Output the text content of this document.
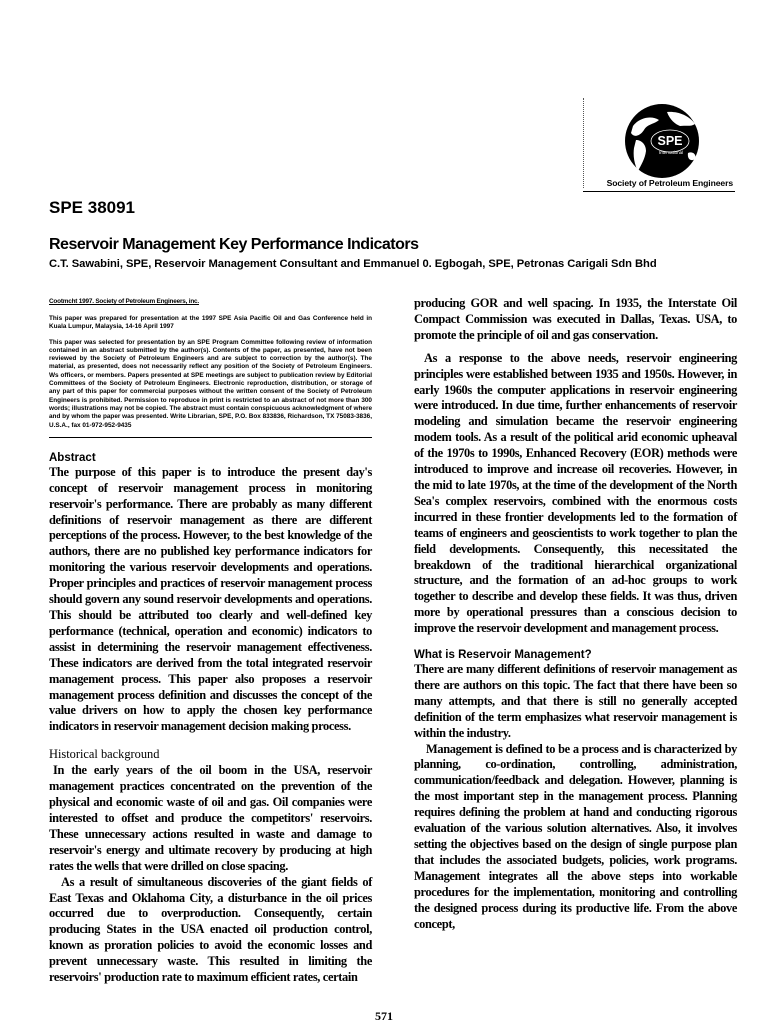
SPE
International
Society of Petroleum Engineers
SPE 38091
Reservoir Management Key Performance Indicators

C.T. Sawabini, SPE, Reservoir Management Consultant and Emmanuel 0. Egbogah, SPE, Petronas Carigali Sdn Bhd

Cootmcht 1997. Society of Petroleum Engineers, inc.

This paper was prepared for presentation at the 1997 SPE Asia Pacific Oil and Gas Conference held in Kuala Lumpur, Malaysia, 14-16 April 1997

This paper was selected for presentation by an SPE Program Committee following review of information contained in an abstract submitted by the author(s). Contents of the paper, as presented, have not been reviewed by the Society of Petroleum Engineers and are subject to correction by the author(s). The material, as presented, does not necessarily reflect any position of the Society of Petroleum Engineers. Ws officers, or members. Papers presented at SPE meetings are subject to publication review by Editorial Committees of the Society of Petroleum Engineers. Electronic reproduction, distribution, or storage of any part of this paper for commercial purposes without the written consent of the Society of Petroleum Engineers is prohibited. Permission to reproduce in print is restricted to an abstract of not more than 300 words; illustrations may not be copied. The abstract must contain conspicuous acknowledgment of where and by whom the paper was presented. Write Librarian, SPE, P.O. Box 833836, Richardson, TX 75083-3836, U.S.A., fax 01-972-952-9435

Abstract

The purpose of this paper is to introduce the present day's concept of reservoir management process in monitoring reservoir's performance. There are probably as many different definitions of reservoir management as there are different perceptions of the process. However, to the best knowledge of the authors, there are no published key performance indicators for monitoring the various reservoir developments and operations. Proper principles and practices of reservoir management process should govern any sound reservoir developments and operations. This should be attributed too clearly and well-defined key performance (technical, operation and economic) indicators to assist in determining the reservoir management effectiveness. These indicators are derived from the total integrated reservoir management process. This paper also proposes a reservoir management process definition and discusses the concept of the value drivers on how to apply the chosen key performance indicators in reservoir management decision making process.

Historical background

In the early years of the oil boom in the USA, reservoir management practices concentrated on the prevention of the physical and economic waste of oil and gas. Oil companies were interested to offset and produce the competitors' reservoirs. These unnecessary actions resulted in waste and damage to reservoir's energy and ultimate recovery by producing at high rates the wells that were drilled on close spacing.

As a result of simultaneous discoveries of the giant fields of East Texas and Oklahoma City, a disturbance in the oil prices occurred due to overproduction. Consequently, certain producing States in the USA enacted oil production control, known as proration policies to avoid the economic losses and prevent unnecessary waste. This resulted in limiting the reservoirs' production rate to maximum efficient rates, certain

producing GOR and well spacing. In 1935, the Interstate Oil Compact Commission was executed in Dallas, Texas. USA, to promote the principle of oil and gas conservation.

As a response to the above needs, reservoir engineering principles were established between 1935 and 1950s. However, in early 1960s the computer applications in reservoir engineering were introduced. In due time, further enhancements of reservoir modeling and simulation became the reservoir engineering modem tools. As a result of the political arid economic upheaval of the 1970s to 1990s, Enhanced Recovery (EOR) methods were introduced to improve and increase oil recoveries. However, in the mid to late 1970s, at the time of the development of the North Sea's complex reservoirs, combined with the enormous costs incurred in these frontier developments led to the formation of teams of engineers and geoscientists to work together to plan the field developments. Consequently, this necessitated the breakdown of the traditional hierarchical organizational structure, and the formation of an ad-hoc groups to work together to describe and develop these fields. It was thus, driven more by operational pressures than a conscious decision to improve the reservoir development and management process.

What is Reservoir Management?

There are many different definitions of reservoir management as there are authors on this topic. The fact that there have been so many attempts, and that there is still no generally accepted definition of the term emphasizes what reservoir management is within the industry.

Management is defined to be a process and is characterized by planning, co-ordination, controlling, administration, communication/feedback and delegation. However, planning is the most important step in the management process. Planning requires defining the problem at hand and conducting rigorous evaluation of the various solution alternatives. Also, it involves setting the objectives based on the design of single purpose plan that includes the associated budgets, policies, work programs. Management integrates all the above steps into workable procedures for the implementation, monitoring and controlling the designed process during its productive life. From the above concept,

571
